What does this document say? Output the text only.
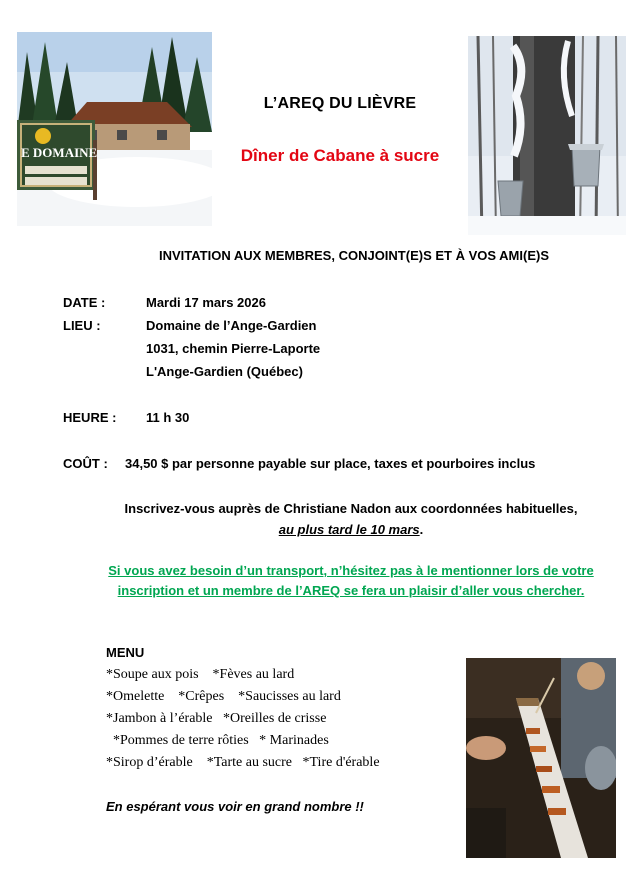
E DOMAINE
L’AREQ DU LIÈVRE
Dîner de Cabane à sucre
INVITATION AUX MEMBRES, CONJOINT(E)S ET À VOS AMI(E)S
DATE :	Mardi 17 mars 2026
LIEU :	Domaine de l’Ange-Gardien
1031, chemin Pierre-Laporte
L'Ange-Gardien (Québec)
HEURE : 11 h 30
COÛT : 34,50 $ par personne payable sur place, taxes et pourboires inclus
Inscrivez-vous auprès de Christiane Nadon aux coordonnées habituelles,
au plus tard le 10 mars.
Si vous avez besoin d’un transport, n’hésitez pas à le mentionner lors de votre
inscription et un membre de l’AREQ se fera un plaisir d’aller vous chercher.
MENU
*Soupe aux pois    *Fèves au lard
*Omelette    *Crêpes    *Saucisses au lard
*Jambon à l’érable   *Oreilles de crisse
*Pommes de terre rôties   * Marinades
*Sirop d’érable    *Tarte au sucre   *Tire d'érable
En espérant vous voir en grand nombre !!
